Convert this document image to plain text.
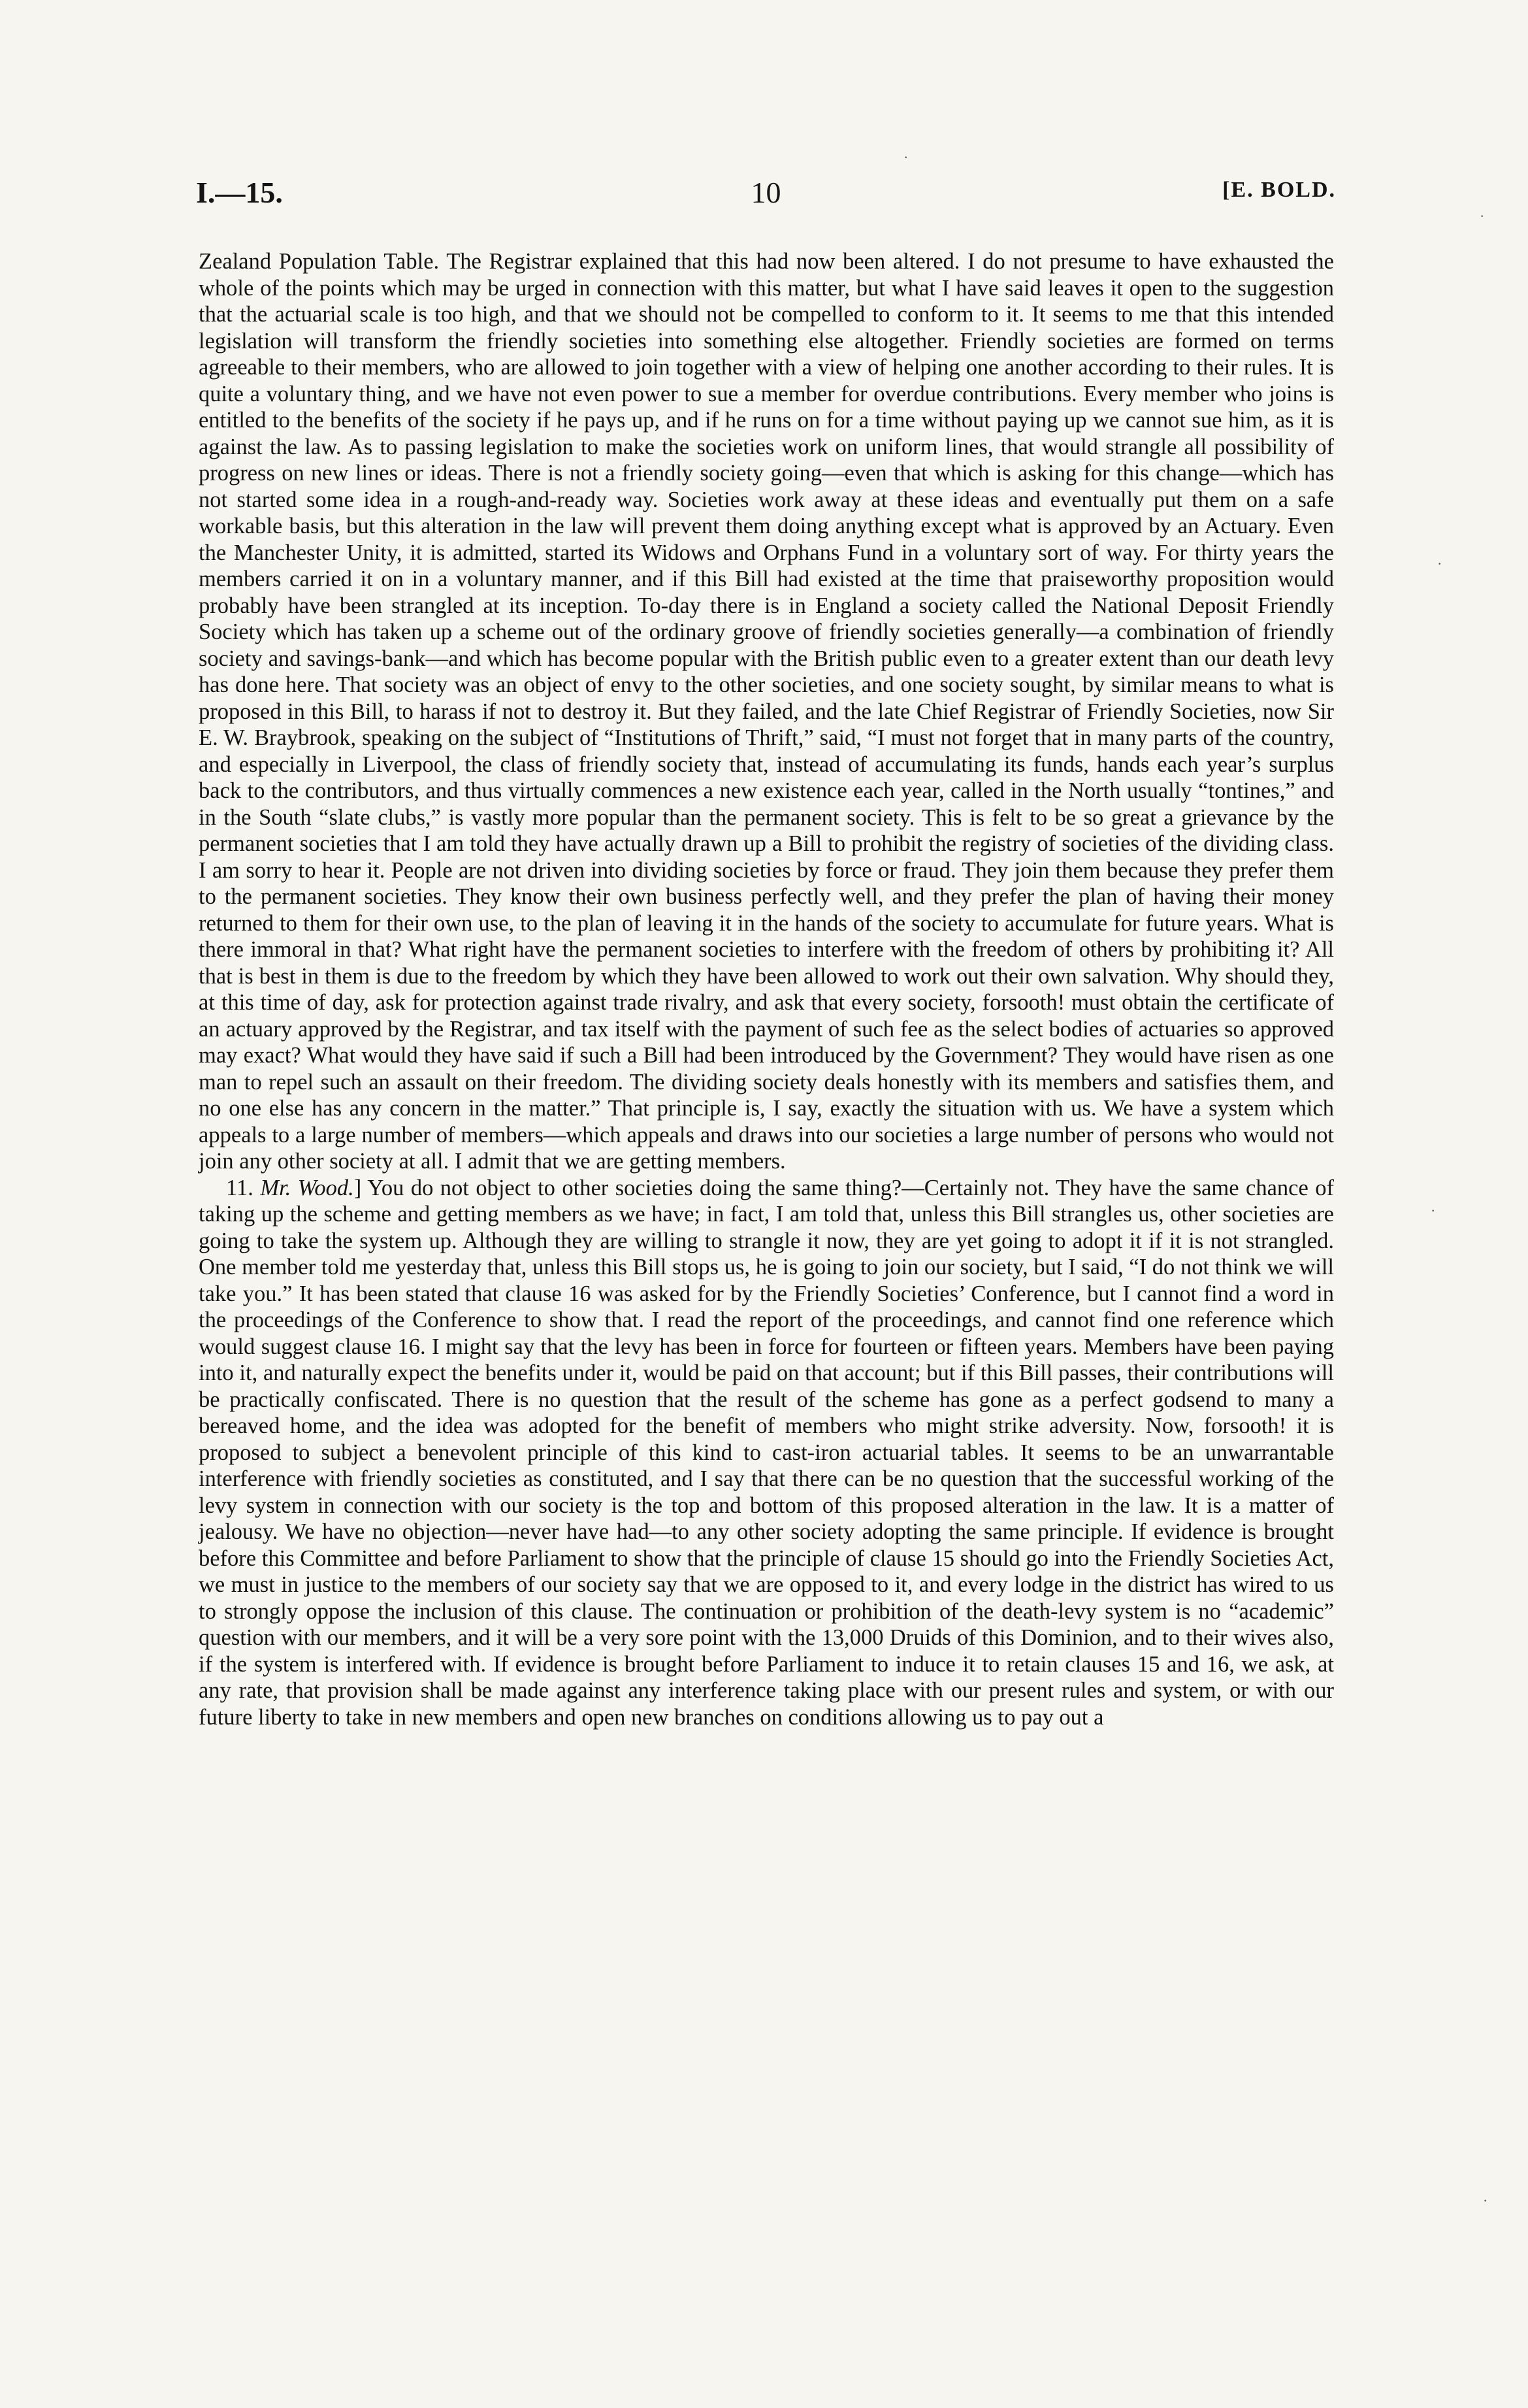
I.—15.	10	[E. BOLD.

Zealand Population Table. The Registrar explained that this had now been altered. I do not presume to have exhausted the whole of the points which may be urged in connection with this matter, but what I have said leaves it open to the suggestion that the actuarial scale is too high, and that we should not be compelled to conform to it. It seems to me that this intended legislation will transform the friendly societies into something else altogether. Friendly societies are formed on terms agreeable to their members, who are allowed to join together with a view of helping one another according to their rules. It is quite a voluntary thing, and we have not even power to sue a member for overdue contributions. Every member who joins is entitled to the benefits of the society if he pays up, and if he runs on for a time without paying up we cannot sue him, as it is against the law. As to passing legislation to make the societies work on uniform lines, that would strangle all possibility of progress on new lines or ideas. There is not a friendly society going—even that which is asking for this change—which has not started some idea in a rough-and-ready way. Societies work away at these ideas and eventually put them on a safe workable basis, but this alteration in the law will prevent them doing anything except what is approved by an Actuary. Even the Manchester Unity, it is admitted, started its Widows and Orphans Fund in a voluntary sort of way. For thirty years the members carried it on in a voluntary manner, and if this Bill had existed at the time that praiseworthy proposition would probably have been strangled at its inception. To-day there is in England a society called the National Deposit Friendly Society which has taken up a scheme out of the ordinary groove of friendly societies generally—a combination of friendly society and savings-bank—and which has become popular with the British public even to a greater extent than our death levy has done here. That society was an object of envy to the other societies, and one society sought, by similar means to what is proposed in this Bill, to harass if not to destroy it. But they failed, and the late Chief Registrar of Friendly Societies, now Sir E. W. Braybrook, speaking on the subject of “Institutions of Thrift,” said, “I must not forget that in many parts of the country, and especially in Liverpool, the class of friendly society that, instead of accumulating its funds, hands each year’s surplus back to the contributors, and thus virtually commences a new existence each year, called in the North usually “tontines,” and in the South “slate clubs,” is vastly more popular than the permanent society. This is felt to be so great a grievance by the permanent societies that I am told they have actually drawn up a Bill to prohibit the registry of societies of the dividing class. I am sorry to hear it. People are not driven into dividing societies by force or fraud. They join them because they prefer them to the permanent societies. They know their own business perfectly well, and they prefer the plan of having their money returned to them for their own use, to the plan of leaving it in the hands of the society to accumulate for future years. What is there immoral in that? What right have the permanent societies to interfere with the freedom of others by prohibiting it? All that is best in them is due to the freedom by which they have been allowed to work out their own salvation. Why should they, at this time of day, ask for protection against trade rivalry, and ask that every society, forsooth! must obtain the certificate of an actuary approved by the Registrar, and tax itself with the payment of such fee as the select bodies of actuaries so approved may exact? What would they have said if such a Bill had been introduced by the Government? They would have risen as one man to repel such an assault on their freedom. The dividing society deals honestly with its members and satisfies them, and no one else has any concern in the matter.” That principle is, I say, exactly the situation with us. We have a system which appeals to a large number of members—which appeals and draws into our societies a large number of persons who would not join any other society at all. I admit that we are getting members.

11. Mr. Wood.] You do not object to other societies doing the same thing?—Certainly not. They have the same chance of taking up the scheme and getting members as we have; in fact, I am told that, unless this Bill strangles us, other societies are going to take the system up. Although they are willing to strangle it now, they are yet going to adopt it if it is not strangled. One member told me yesterday that, unless this Bill stops us, he is going to join our society, but I said, “I do not think we will take you.” It has been stated that clause 16 was asked for by the Friendly Societies’ Conference, but I cannot find a word in the proceedings of the Conference to show that. I read the report of the proceedings, and cannot find one reference which would suggest clause 16. I might say that the levy has been in force for fourteen or fifteen years. Members have been paying into it, and naturally expect the benefits under it, would be paid on that account; but if this Bill passes, their contributions will be practically confiscated. There is no question that the result of the scheme has gone as a perfect godsend to many a bereaved home, and the idea was adopted for the benefit of members who might strike adversity. Now, forsooth! it is proposed to subject a benevolent principle of this kind to cast-iron actuarial tables. It seems to be an unwarrantable interference with friendly societies as constituted, and I say that there can be no question that the successful working of the levy system in connection with our society is the top and bottom of this proposed alteration in the law. It is a matter of jealousy. We have no objection—never have had—to any other society adopting the same principle. If evidence is brought before this Committee and before Parliament to show that the principle of clause 15 should go into the Friendly Societies Act, we must in justice to the members of our society say that we are opposed to it, and every lodge in the district has wired to us to strongly oppose the inclusion of this clause. The continuation or prohibition of the death-levy system is no “academic” question with our members, and it will be a very sore point with the 13,000 Druids of this Dominion, and to their wives also, if the system is interfered with. If evidence is brought before Parliament to induce it to retain clauses 15 and 16, we ask, at any rate, that provision shall be made against any interference taking place with our present rules and system, or with our future liberty to take in new members and open new branches on conditions allowing us to pay out a

·
·
·
·
·
